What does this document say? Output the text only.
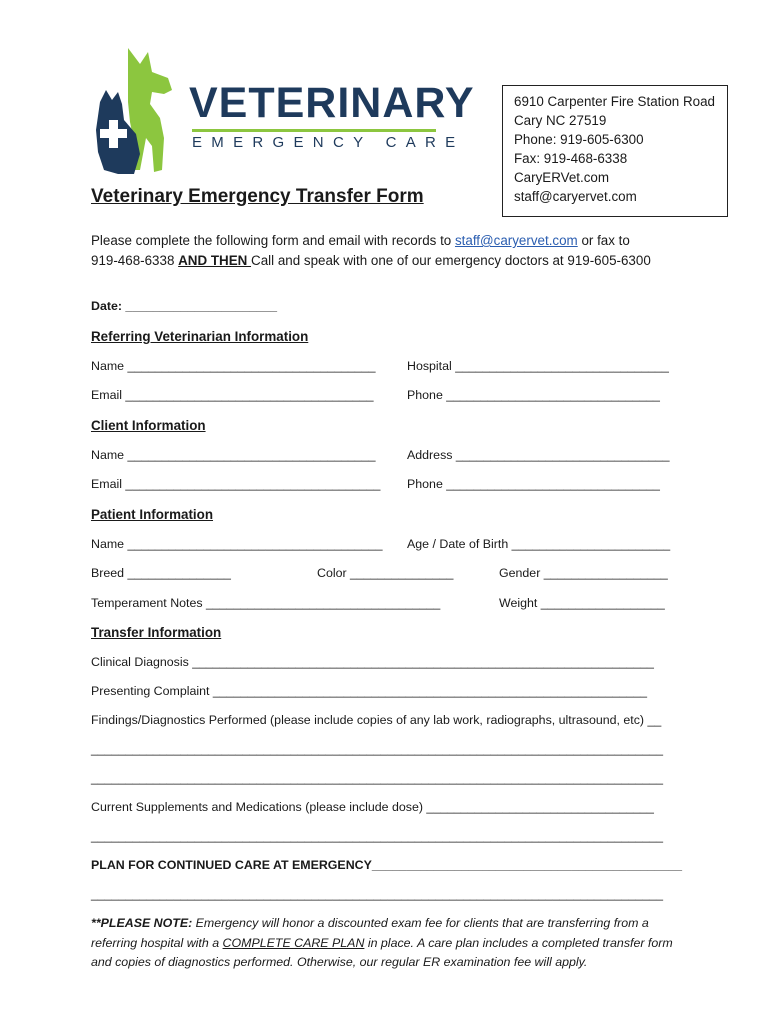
VETERINARY
EMERGENCY CARE
6910 Carpenter Fire Station Road
Cary NC 27519
Phone: 919-605-6300
Fax: 919-468-6338
CaryERVet.com
staff@caryervet.com
Veterinary Emergency Transfer Form
Please complete the following form and email with records to staff@caryervet.com or fax to
919-468-6338 AND THEN Call and speak with one of our emergency doctors at 919-605-6300
Date: ______________________
Referring Veterinarian Information
Name ____________________________________	Hospital _______________________________
Email ____________________________________	Phone _______________________________
Client Information
Name ____________________________________	Address _______________________________
Email _____________________________________ Phone _______________________________
Patient Information
Name _____________________________________ Age / Date of Birth _______________________
Breed _______________	Color _______________	Gender __________________
Temperament Notes __________________________________	Weight __________________
Transfer Information
Clinical Diagnosis ___________________________________________________________________
Presenting Complaint _______________________________________________________________
Findings/Diagnostics Performed (please include copies of any lab work, radiographs, ultrasound, etc) __
___________________________________________________________________________________
___________________________________________________________________________________
Current Supplements and Medications (please include dose) _________________________________
___________________________________________________________________________________
PLAN FOR CONTINUED CARE AT EMERGENCY_____________________________________________
___________________________________________________________________________________
**PLEASE NOTE: Emergency will honor a discounted exam fee for clients that are transferring from a referring hospital with a COMPLETE CARE PLAN in place. A care plan includes a completed transfer form and copies of diagnostics performed. Otherwise, our regular ER examination fee will apply.
